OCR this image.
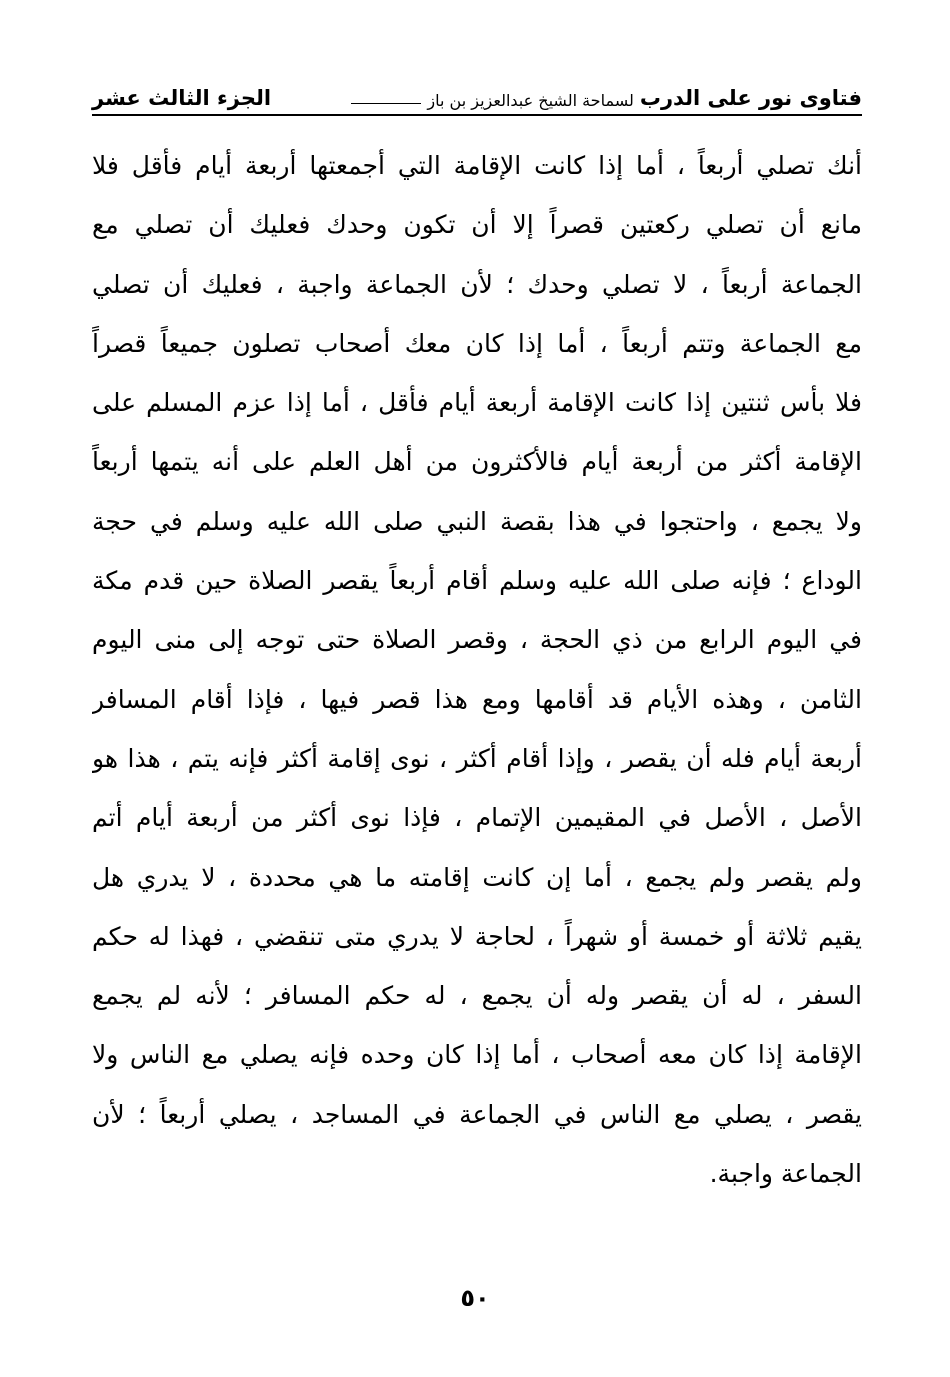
فتاوى نور على الدرب
لسماحة الشيخ عبدالعزيز بن باز
الجزء الثالث عشر
أنك تصلي أربعاً ، أما إذا كانت الإقامة التي أجمعتها أربعة أيام فأقل فلا
مانع أن تصلي ركعتين قصراً إلا أن تكون وحدك فعليك أن تصلي مع
الجماعة أربعاً ، لا تصلي وحدك ؛ لأن الجماعة واجبة ، فعليك أن تصلي
مع الجماعة وتتم أربعاً ، أما إذا كان معك أصحاب تصلون جميعاً قصراً
فلا بأس ثنتين إذا كانت الإقامة أربعة أيام فأقل ، أما إذا عزم المسلم على
الإقامة أكثر من أربعة أيام فالأكثرون من أهل العلم على أنه يتمها أربعاً
ولا يجمع ، واحتجوا في هذا بقصة النبي صلى الله عليه وسلم في حجة
الوداع ؛ فإنه صلى الله عليه وسلم أقام أربعاً يقصر الصلاة حين قدم مكة
في اليوم الرابع من ذي الحجة ، وقصر الصلاة حتى توجه إلى منى اليوم
الثامن ، وهذه الأيام قد أقامها ومع هذا قصر فيها ، فإذا أقام المسافر
أربعة أيام فله أن يقصر ، وإذا أقام أكثر ، نوى إقامة أكثر فإنه يتم ، هذا هو
الأصل ، الأصل في المقيمين الإتمام ، فإذا نوى أكثر من أربعة أيام أتم
ولم يقصر ولم يجمع ، أما إن كانت إقامته ما هي محددة ، لا يدري هل
يقيم ثلاثة أو خمسة أو شهراً ، لحاجة لا يدري متى تنقضي ، فهذا له حكم
السفر ، له أن يقصر وله أن يجمع ، له حكم المسافر ؛ لأنه لم يجمع
الإقامة إذا كان معه أصحاب ، أما إذا كان وحده فإنه يصلي مع الناس ولا
يقصر ، يصلي مع الناس في الجماعة في المساجد ، يصلي أربعاً ؛ لأن
الجماعة واجبة.
٥٠
